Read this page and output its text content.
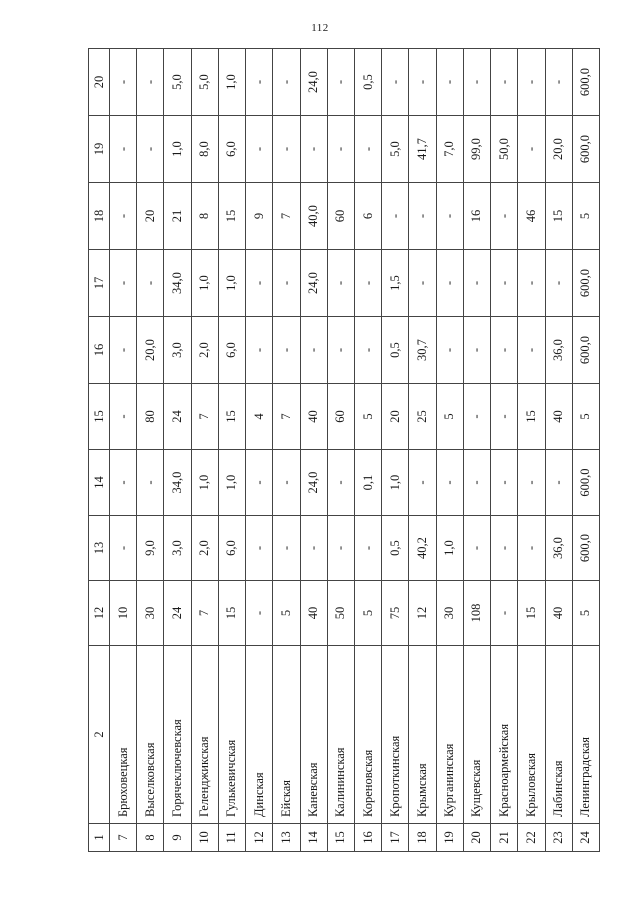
112
1	2	12	13	14	15	16	17	18	19	20
7	Брюховецкая	10	-	-	-	-	-	-	-	-
8	Выселковская	30	9,0	-	80	20,0	-	20	-	-
9	Горячеключевская	24	3,0	34,0	24	3,0	34,0	21	1,0	5,0
10	Геленджикская	7	2,0	1,0	7	2,0	1,0	8	8,0	5,0
11	Гулькевичская	15	6,0	1,0	15	6,0	1,0	15	6,0	1,0
12	Динская	-	-	-	4	-	-	9	-	-
13	Ейская	5	-	-	7	-	-	7	-	-
14	Каневская	40	-	24,0	40	-	24,0	40,0	-	24,0
15	Калининская	50	-	-	60	-	-	60	-	-
16	Кореновская	5	-	0,1	5	-	-	6	-	0,5
17	Кропоткинская	75	0,5	1,0	20	0,5	1,5	-	5,0	-
18	Крымская	12	40,2	-	25	30,7	-	-	41,7	-
19	Курганинская	30	1,0	-	5	-	-	-	7,0	-
20	Кущевская	108	-	-	-	-	-	16	99,0	-
21	Красноармейская	-	-	-	-	-	-	-	50,0	-
22	Крыловская	15	-	-	15	-	-	46	-	-
23	Лабинская	40	36,0	-	40	36,0	-	15	20,0	-
24	Ленинградская	5	600,0	600,0	5	600,0	600,0	5	600,0	600,0
